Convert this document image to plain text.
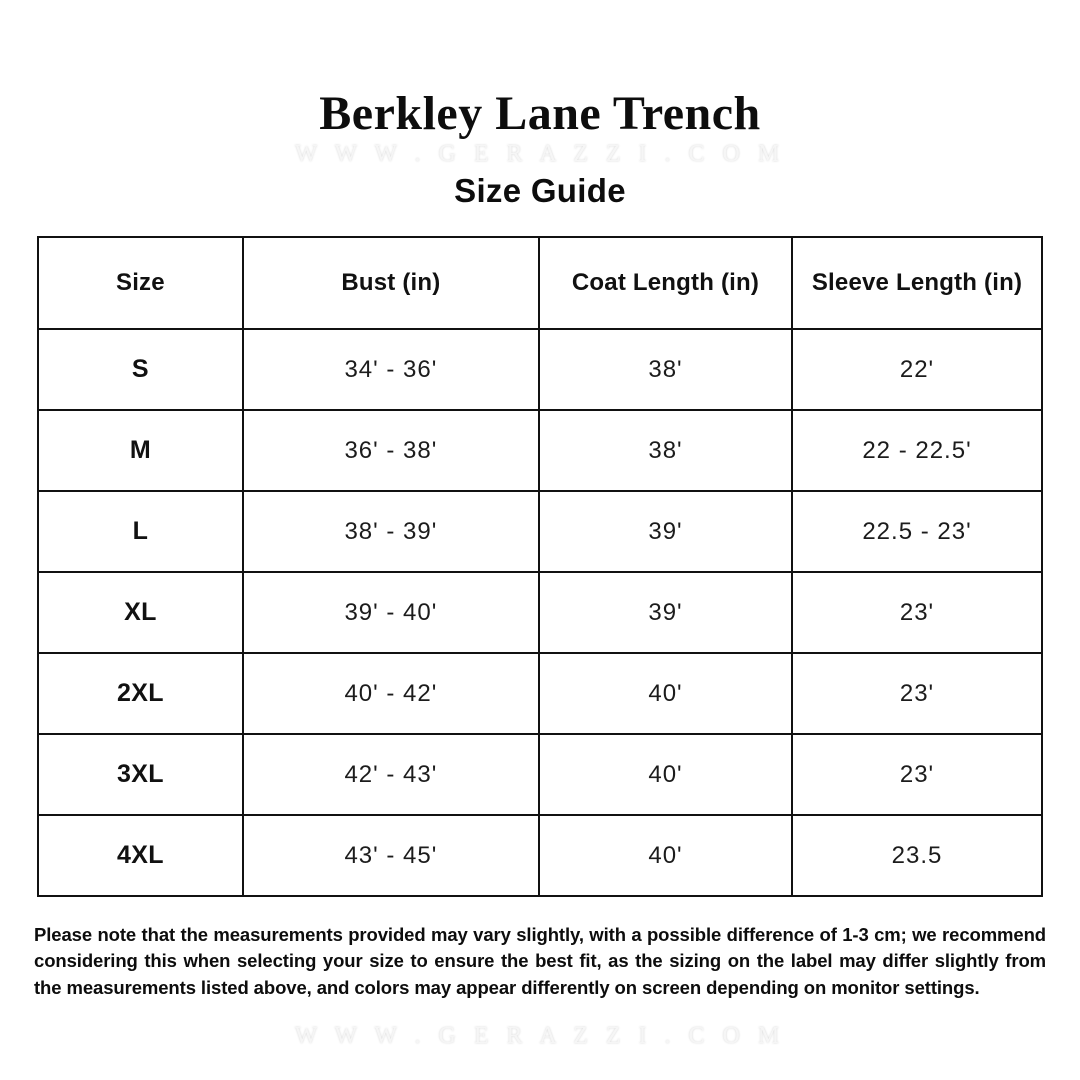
Berkley Lane Trench
W W W . G E R A Z Z I . C O M
Size Guide
Size	Bust (in)	Coat Length (in)	Sleeve Length (in)
S	34' - 36'	38'	22'
M	36' - 38'	38'	22 - 22.5'
L	38' - 39'	39'	22.5 - 23'
XL	39' - 40'	39'	23'
2XL	40' - 42'	40'	23'
3XL	42' - 43'	40'	23'
4XL	43' - 45'	40'	23.5

Please note that the measurements provided may vary slightly, with a possible difference of 1-3 cm; we recommend considering this when selecting your size to ensure the best fit, as the sizing on the label may differ slightly from the measurements listed above, and colors may appear differently on screen depending on monitor settings.

W W W . G E R A Z Z I . C O M
